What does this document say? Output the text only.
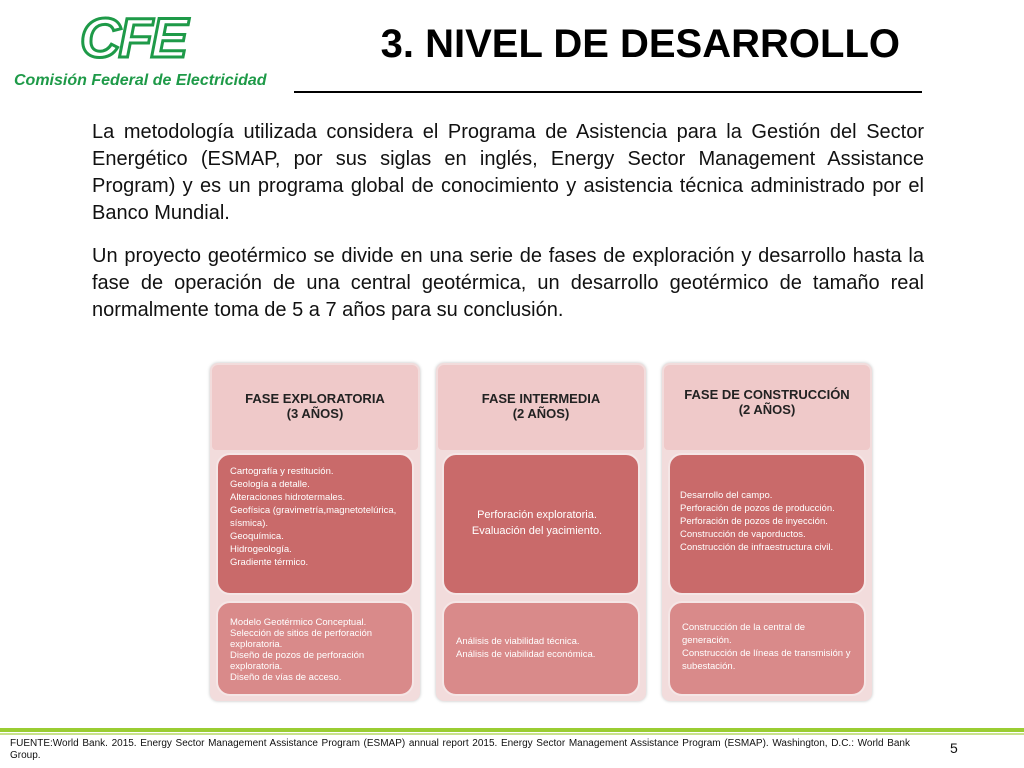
CFE
Comisión Federal de Electricidad
3. NIVEL DE DESARROLLO
La metodología utilizada considera el Programa de Asistencia para la Gestión del Sector Energético (ESMAP, por sus siglas en inglés, Energy Sector Management Assistance Program) y es un programa global de conocimiento y asistencia técnica administrado por el Banco Mundial.
Un proyecto geotérmico se divide en una serie de fases de exploración y desarrollo hasta la fase de operación de una central geotérmica, un desarrollo geotérmico de tamaño real normalmente toma de 5 a 7 años para su conclusión.
FASE EXPLORATORIA
(3 AÑOS)
Cartografía y restitución.
Geología a detalle.
Alteraciones hidrotermales.
Geofísica (gravimetría,magnetotelúrica, sísmica).
Geoquímica.
Hidrogeología.
Gradiente térmico.
Modelo Geotérmico Conceptual.
Selección de sitios de perforación exploratoria.
Diseño de pozos de perforación exploratoria.
Diseño de vías de acceso.
FASE INTERMEDIA
(2 AÑOS)
Perforación exploratoria.
Evaluación del yacimiento.
Análisis de viabilidad técnica.
Análisis de viabilidad económica.
FASE DE CONSTRUCCIÓN
(2 AÑOS)
Desarrollo del campo.
Perforación de pozos de producción.
Perforación de pozos de inyección.
Construcción de vaporductos.
Construcción de infraestructura civil.
Construcción de la central de generación.
Construcción de líneas de transmisión y subestación.
FUENTE:World Bank. 2015. Energy Sector Management Assistance Program (ESMAP) annual report 2015. Energy Sector Management Assistance Program (ESMAP). Washington, D.C.: World Bank Group.	5
